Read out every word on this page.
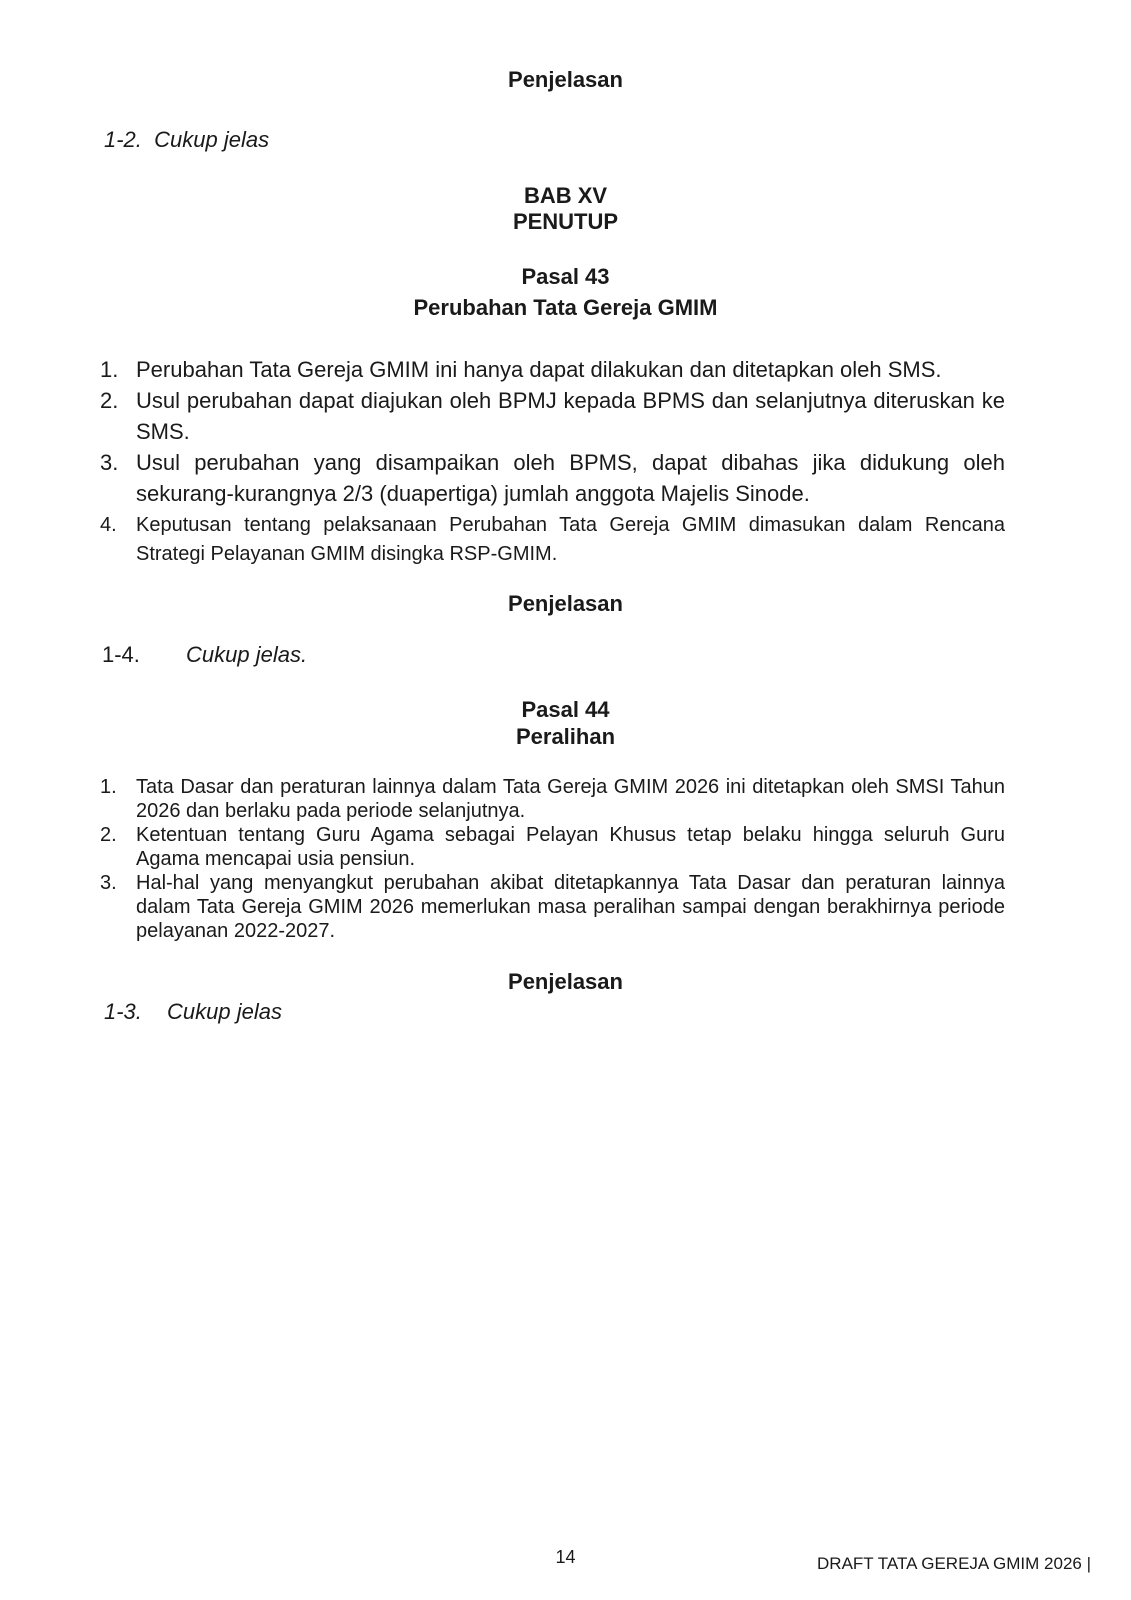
Penjelasan
1-2. Cukup jelas
BAB XV
PENUTUP
Pasal 43
Perubahan Tata Gereja GMIM
1. Perubahan Tata Gereja GMIM ini hanya dapat dilakukan dan ditetapkan oleh SMS.
2. Usul perubahan dapat diajukan oleh BPMJ kepada BPMS dan selanjutnya diteruskan ke SMS.
3. Usul perubahan yang disampaikan oleh BPMS, dapat dibahas jika didukung oleh sekurang-kurangnya 2/3 (duapertiga) jumlah anggota Majelis Sinode.
4. Keputusan tentang pelaksanaan Perubahan Tata Gereja GMIM dimasukan dalam Rencana Strategi Pelayanan GMIM disingka RSP-GMIM.
Penjelasan
1-4. Cukup jelas.
Pasal 44
Peralihan
1. Tata Dasar dan peraturan lainnya dalam Tata Gereja GMIM 2026 ini ditetapkan oleh SMSI Tahun 2026 dan berlaku pada periode selanjutnya.
2. Ketentuan tentang Guru Agama sebagai Pelayan Khusus tetap belaku hingga seluruh Guru Agama mencapai usia pensiun.
3. Hal-hal yang menyangkut perubahan akibat ditetapkannya Tata Dasar dan peraturan lainnya dalam Tata Gereja GMIM 2026 memerlukan masa peralihan sampai dengan berakhirnya periode pelayanan 2022-2027.
Penjelasan
1-3. Cukup jelas
14	DRAFT TATA GEREJA GMIM 2026 |
